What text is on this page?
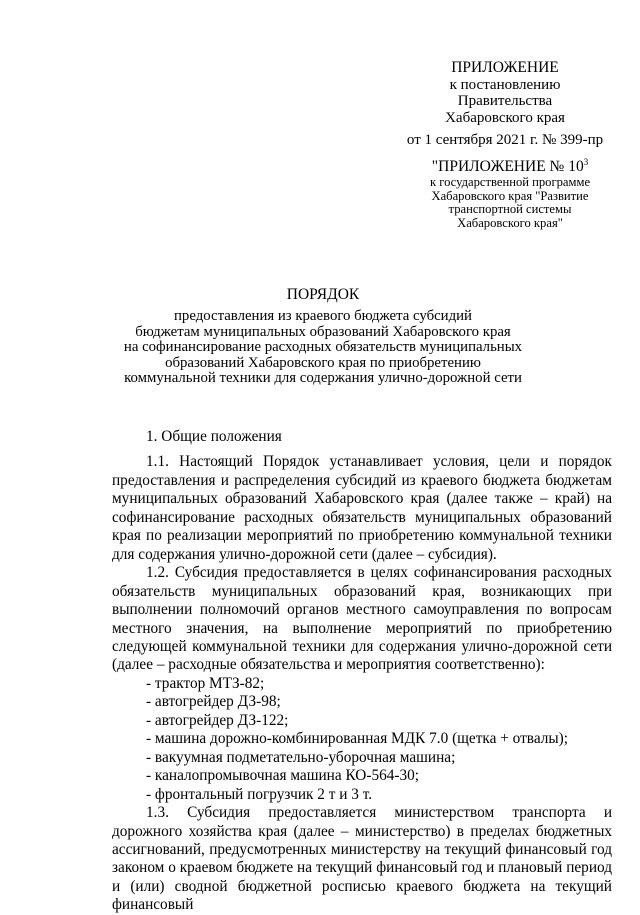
ПРИЛОЖЕНИЕ
к постановлению
Правительства
Хабаровского края
от 1 сентября 2021 г. № 399-пр
"ПРИЛОЖЕНИЕ № $10^3$
к государственной программе
Хабаровского края "Развитие
транспортной системы
Хабаровского края"
ПОРЯДОК
предоставления из краевого бюджета субсидий
бюджетам муниципальных образований Хабаровского края
на софинансирование расходных обязательств муниципальных
образований Хабаровского края по приобретению
коммунальной техники для содержания улично-дорожной сети

1. Общие положения

1.1. Настоящий Порядок устанавливает условия, цели и порядок предоставления и распределения субсидий из краевого бюджета бюджетам муниципальных образований Хабаровского края (далее также – край) на софинансирование расходных обязательств муниципальных образований края по реализации мероприятий по приобретению коммунальной техники для содержания улично-дорожной сети (далее – субсидия).

1.2. Субсидия предоставляется в целях софинансирования расходных обязательств муниципальных образований края, возникающих при выполнении полномочий органов местного самоуправления по вопросам местного значения, на выполнение мероприятий по приобретению следующей коммунальной техники для содержания улично-дорожной сети (далее – расходные обязательства и мероприятия соответственно):

- трактор МТЗ-82;

- автогрейдер ДЗ-98;

- автогрейдер ДЗ-122;

- машина дорожно-комбинированная МДК 7.0 (щетка + отвалы);

- вакуумная подметательно-уборочная машина;

- каналопромывочная машина КО-564-30;

- фронтальный погрузчик 2 т и 3 т.

1.3. Субсидия предоставляется министерством транспорта и дорожного хозяйства края (далее – министерство) в пределах бюджетных ассигнований, предусмотренных министерству на текущий финансовый год законом о краевом бюджете на текущий финансовый год и плановый период и (или) сводной бюджетной росписью краевого бюджета на текущий финансовый
